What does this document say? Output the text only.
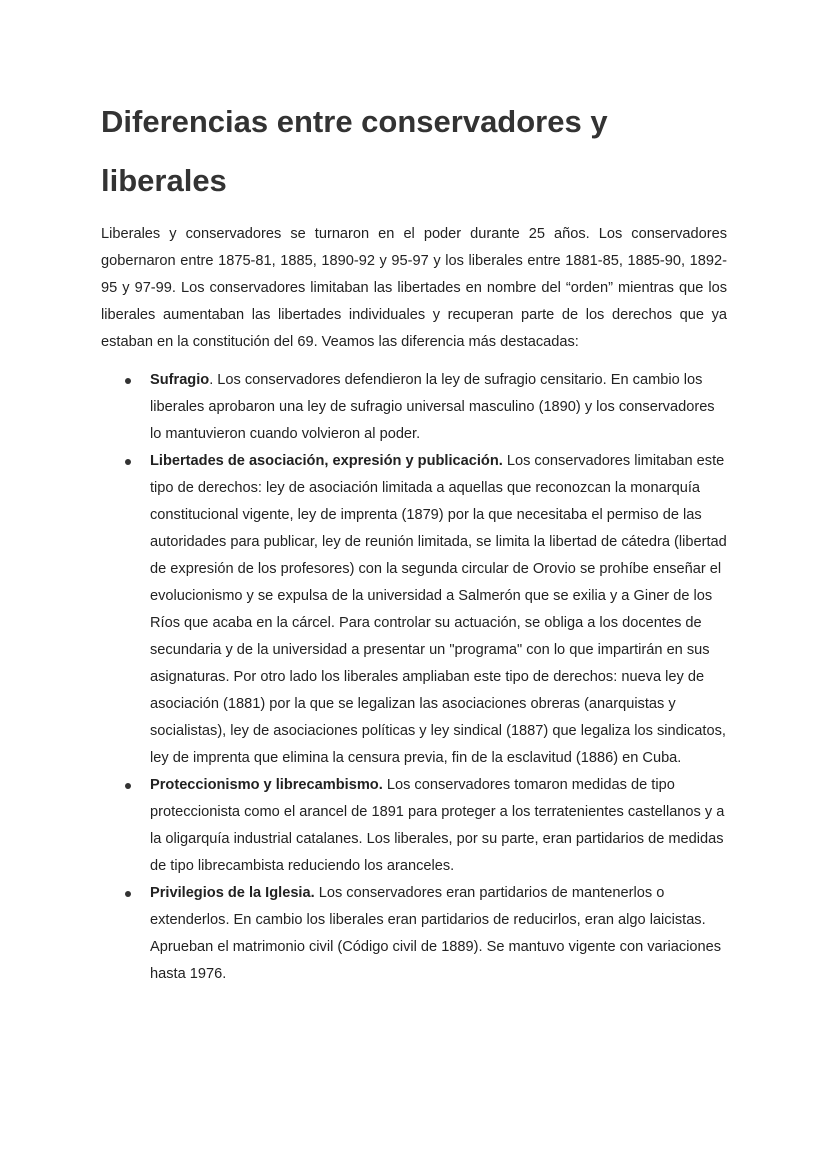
Diferencias entre conservadores y liberales

Liberales y conservadores se turnaron en el poder durante 25 años. Los conservadores gobernaron entre 1875-81, 1885, 1890-92 y 95-97 y los liberales entre 1881-85, 1885-90, 1892-95 y 97-99. Los conservadores limitaban las libertades en nombre del “orden” mientras que los liberales aumentaban las libertades individuales y recuperan parte de los derechos que ya estaban en la constitución del 69. Veamos las diferencia más destacadas:

Sufragio. Los conservadores defendieron la ley de sufragio censitario. En cambio los liberales aprobaron una ley de sufragio universal masculino (1890) y los conservadores lo mantuvieron cuando volvieron al poder.
Libertades de asociación, expresión y publicación. Los conservadores limitaban este tipo de derechos: ley de asociación limitada a aquellas que reconozcan la monarquía constitucional vigente, ley de imprenta (1879) por la que necesitaba el permiso de las autoridades para publicar, ley de reunión limitada, se limita la libertad de cátedra (libertad de expresión de los profesores) con la segunda circular de Orovio se prohíbe enseñar el evolucionismo y se expulsa de la universidad a Salmerón que se exilia y a Giner de los Ríos que acaba en la cárcel. Para controlar su actuación, se obliga a los docentes de secundaria y de la universidad a presentar un "programa" con lo que impartirán en sus asignaturas. Por otro lado los liberales ampliaban este tipo de derechos: nueva ley de asociación (1881) por la que se legalizan las asociaciones obreras (anarquistas y socialistas), ley de asociaciones políticas y ley sindical (1887) que legaliza los sindicatos, ley de imprenta que elimina la censura previa, fin de la esclavitud (1886) en Cuba.
Proteccionismo y librecambismo. Los conservadores tomaron medidas de tipo proteccionista como el arancel de 1891 para proteger a los terratenientes castellanos y a la oligarquía industrial catalanes. Los liberales, por su parte, eran partidarios de medidas de tipo librecambista reduciendo los aranceles.
Privilegios de la Iglesia. Los conservadores eran partidarios de mantenerlos o extenderlos. En cambio los liberales eran partidarios de reducirlos, eran algo laicistas. Aprueban el matrimonio civil (Código civil de 1889). Se mantuvo vigente con variaciones hasta 1976.
